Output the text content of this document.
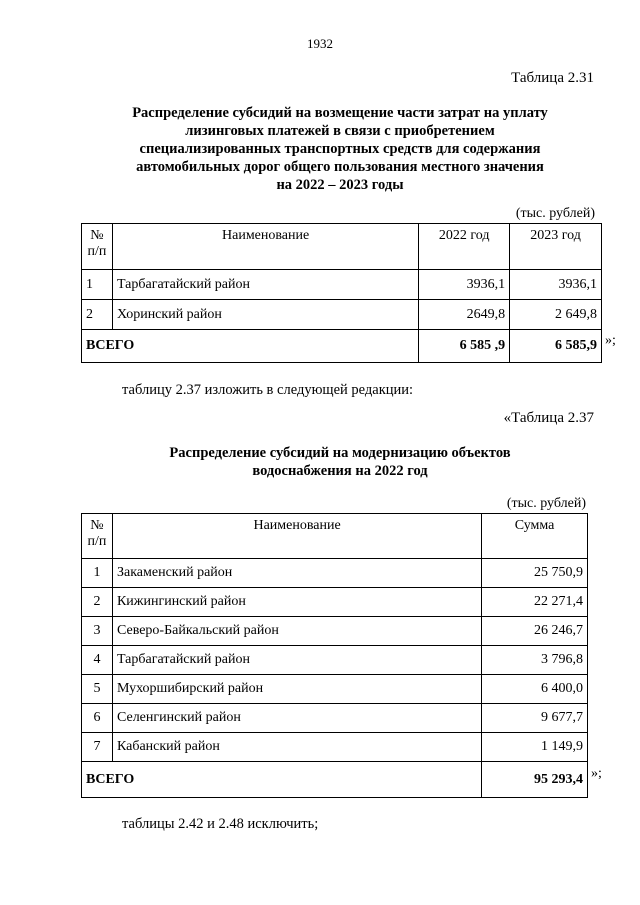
1932
Таблица 2.31
Распределение субсидий на возмещение части затрат на уплату
лизинговых платежей в связи с приобретением
специализированных транспортных средств для содержания
автомобильных дорог общего пользования местного значения
на 2022 – 2023 годы
(тыс. рублей)
№ п/п	Наименование	2022 год	2023 год
1	Тарбагатайский район	3936,1	3936,1
2	Хоринский район	2649,8	2 649,8
ВСЕГО		6 585 ,9	6 585,9 »;
таблицу 2.37 изложить в следующей редакции:
«Таблица 2.37
Распределение субсидий на модернизацию объектов
водоснабжения на 2022 год
(тыс. рублей)
№ п/п	Наименование	Сумма
1	Закаменский район	25 750,9
2	Кижингинский район	22 271,4
3	Северо-Байкальский район	26 246,7
4	Тарбагатайский район	3 796,8
5	Мухоршибирский район	6 400,0
6	Селенгинский район	9 677,7
7	Кабанский район	1 149,9
ВСЕГО		95 293,4 »;
таблицы 2.42 и 2.48 исключить;
